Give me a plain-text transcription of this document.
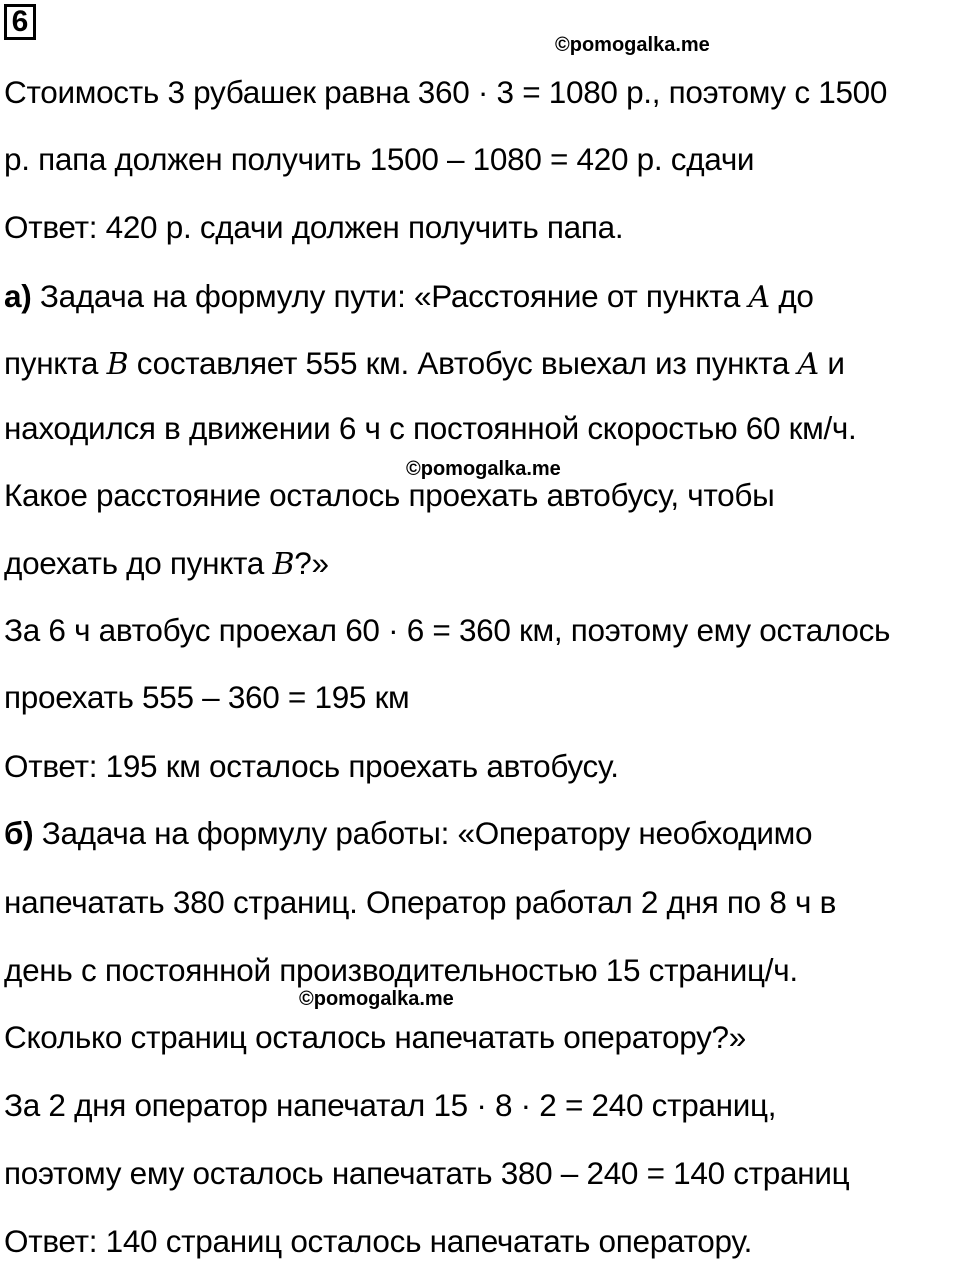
6
©pomogalka.me
©pomogalka.me
©pomogalka.me
Стоимость 3 рубашек равна 360 · 3 = 1080 р., поэтому с 1500
р. папа должен получить 1500 – 1080 = 420 р. сдачи
Ответ: 420 р. сдачи должен получить папа.
а) Задача на формулу пути: «Расстояние от пункта A до
пункта B составляет 555 км. Автобус выехал из пункта A и
находился в движении 6 ч с постоянной скоростью 60 км/ч.
Какое расстояние осталось проехать автобусу, чтобы
доехать до пункта B?»
За 6 ч автобус проехал 60 · 6 = 360 км, поэтому ему осталось
проехать 555 – 360 = 195 км
Ответ: 195 км осталось проехать автобусу.
б) Задача на формулу работы: «Оператору необходимо
напечатать 380 страниц. Оператор работал 2 дня по 8 ч в
день с постоянной производительностью 15 страниц/ч.
Сколько страниц осталось напечатать оператору?»
За 2 дня оператор напечатал 15 · 8 · 2 = 240 страниц,
поэтому ему осталось напечатать 380 – 240 = 140 страниц
Ответ: 140 страниц осталось напечатать оператору.
